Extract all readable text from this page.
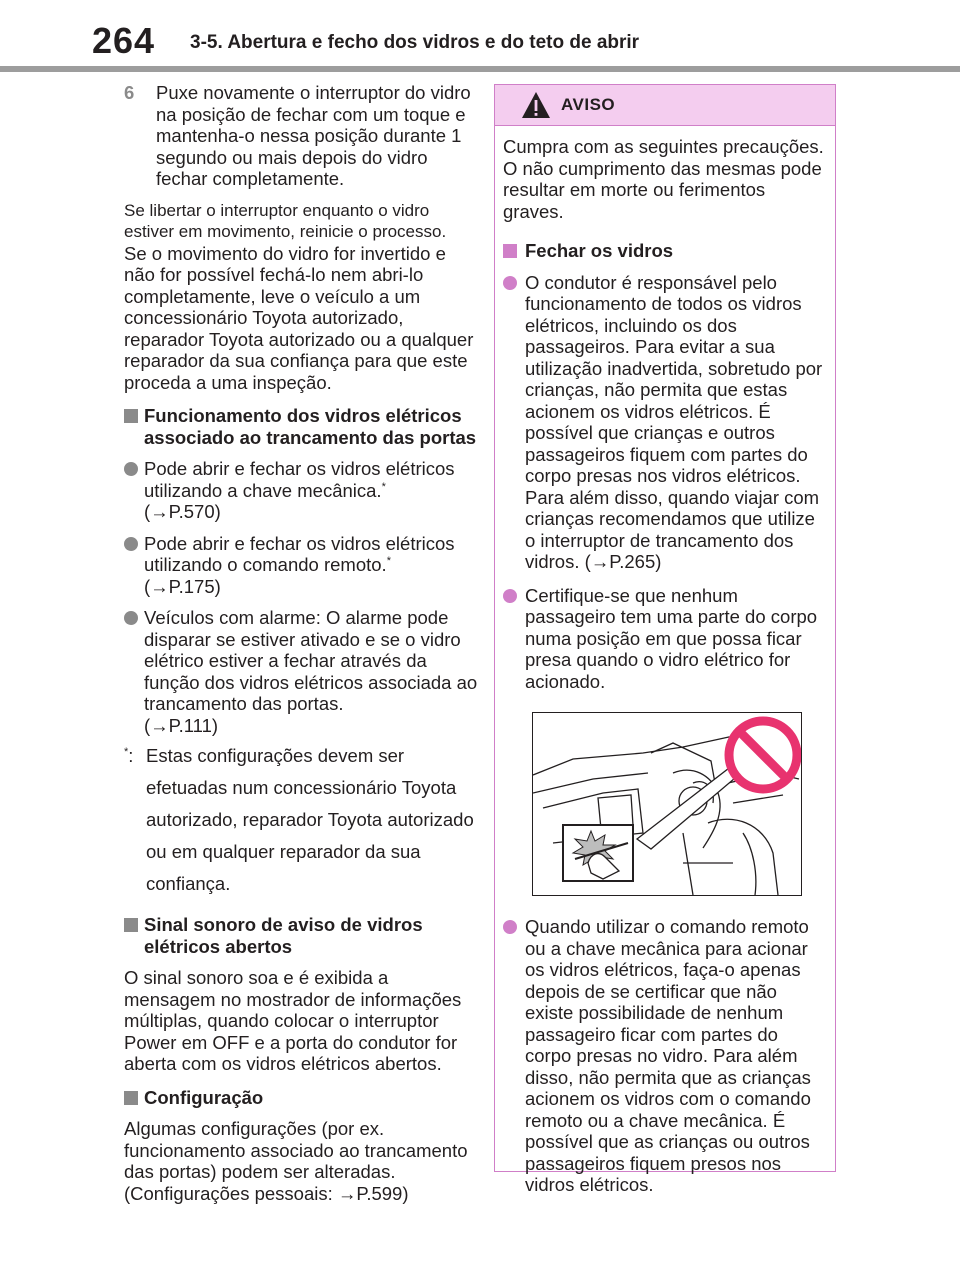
264 3-5. Abertura e fecho dos vidros e do teto de abrir
6 Puxe novamente o interruptor do vidro na posição de fechar com um toque e mantenha-o nessa posição durante 1 segundo ou mais depois do vidro fechar completamente.

Se libertar o interruptor enquanto o vidro estiver em movimento, reinicie o processo.

Se o movimento do vidro for invertido e não for possível fechá-lo nem abri-lo completamente, leve o veículo a um concessionário Toyota autorizado, reparador Toyota autorizado ou a qualquer reparador da sua confiança para que este proceda a uma inspeção.

Funcionamento dos vidros elétricos associado ao trancamento das portas
Pode abrir e fechar os vidros elétricos utilizando a chave mecânica.*
(→P.570)
Pode abrir e fechar os vidros elétricos utilizando o comando remoto.*
(→P.175)
Veículos com alarme: O alarme pode disparar se estiver ativado e se o vidro elétrico estiver a fechar através da função dos vidros elétricos associada ao trancamento das portas.
(→P.111)
*: Estas configurações devem ser efetuadas num concessionário Toyota autorizado, reparador Toyota autorizado ou em qualquer reparador da sua confiança.
Sinal sonoro de aviso de vidros elétricos abertos

O sinal sonoro soa e é exibida a mensagem no mostrador de informações múltiplas, quando colocar o interruptor Power em OFF e a porta do condutor for aberta com os vidros elétricos abertos.

Configuração

Algumas configurações (por ex. funcionamento associado ao trancamento das portas) podem ser alteradas. (Configurações pessoais: →P.599)

AVISO

Cumpra com as seguintes precauções. O não cumprimento das mesmas pode resultar em morte ou ferimentos graves.

Fechar os vidros
O condutor é responsável pelo funcionamento de todos os vidros elétricos, incluindo os dos passageiros. Para evitar a sua utilização inadvertida, sobretudo por crianças, não permita que estas acionem os vidros elétricos. É possível que crianças e outros passageiros fiquem com partes do corpo presas nos vidros elétricos. Para além disso, quando viajar com crianças recomendamos que utilize o interruptor de trancamento dos vidros. (→P.265)
Certifique-se que nenhum passageiro tem uma parte do corpo numa posição em que possa ficar presa quando o vidro elétrico for acionado.
Quando utilizar o comando remoto ou a chave mecânica para acionar os vidros elétricos, faça-o apenas depois de se certificar que não existe possibilidade de nenhum passageiro ficar com partes do corpo presas no vidro. Para além disso, não permita que as crianças acionem os vidros com o comando remoto ou a chave mecânica. É possível que as crianças ou outros passageiros fiquem presos nos vidros elétricos.
